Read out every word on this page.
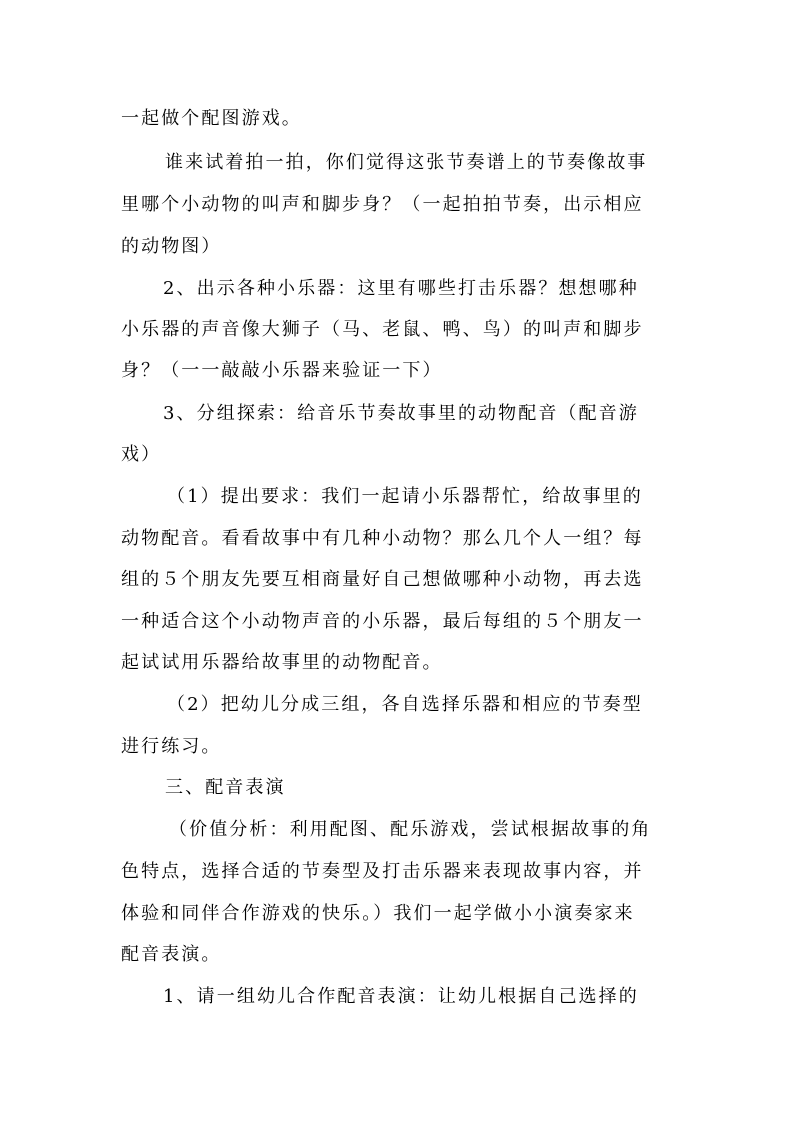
一起做个配图游戏。
谁来试着拍一拍，你们觉得这张节奏谱上的节奏像故事
里哪个小动物的叫声和脚步身？（一起拍拍节奏，出示相应
的动物图）
2、出示各种小乐器：这里有哪些打击乐器？想想哪种
小乐器的声音像大狮子（马、老鼠、鸭、鸟）的叫声和脚步
身？（一一敲敲小乐器来验证一下）
3、分组探索：给音乐节奏故事里的动物配音（配音游
戏）
（1）提出要求：我们一起请小乐器帮忙，给故事里的
动物配音。看看故事中有几种小动物？那么几个人一组？每
组的５个朋友先要互相商量好自己想做哪种小动物，再去选
一种适合这个小动物声音的小乐器，最后每组的５个朋友一
起试试用乐器给故事里的动物配音。
（2）把幼儿分成三组，各自选择乐器和相应的节奏型
进行练习。
三、配音表演
（价值分析：利用配图、配乐游戏，尝试根据故事的角
色特点，选择合适的节奏型及打击乐器来表现故事内容，并
体验和同伴合作游戏的快乐。）我们一起学做小小演奏家来
配音表演。
1、请一组幼儿合作配音表演：让幼儿根据自己选择的
